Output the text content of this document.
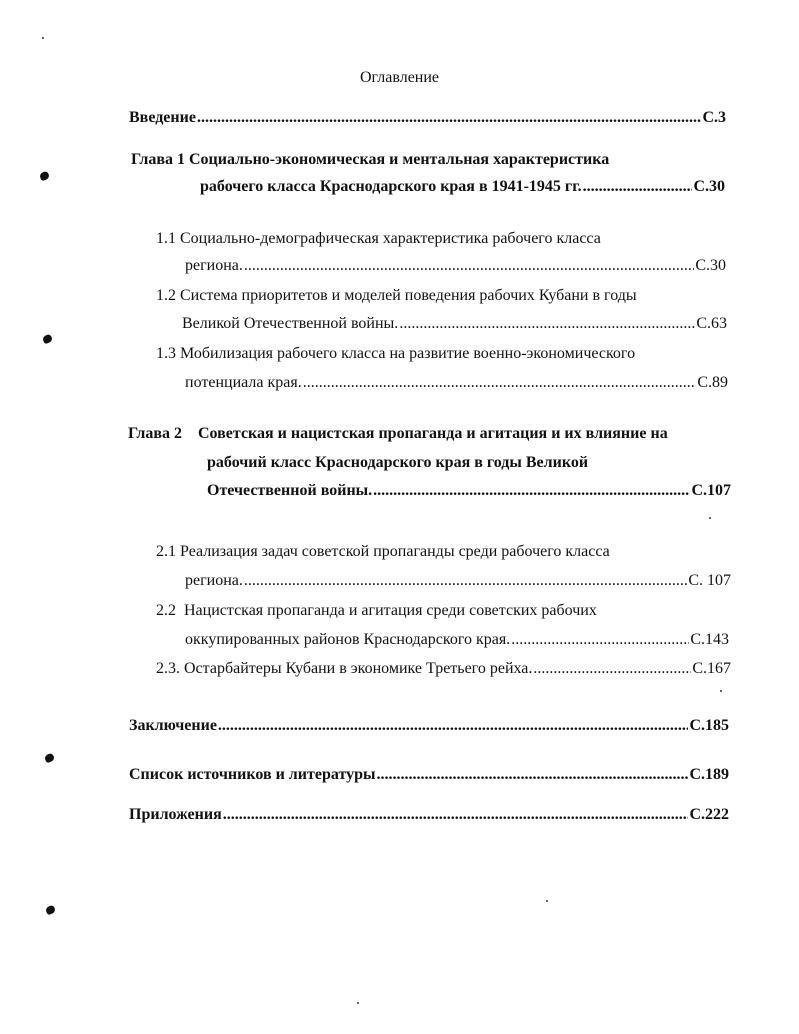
Оглавление
Введение .....	С.3
Глава 1 Социально-экономическая и ментальная характеристика
рабочего класса Краснодарского края в 1941-1945 гг. .....	С.30
1.1 Социально-демографическая характеристика рабочего класса
региона. .....	С.30
1.2 Система приоритетов и моделей поведения рабочих Кубани в годы
Великой Отечественной войны. .....	С.63
1.3 Мобилизация рабочего класса на развитие военно-экономического
потенциала края. .....	С.89
Глава 2    Советская и нацистская пропаганда и агитация и их влияние на
рабочий класс Краснодарского края в годы Великой
Отечественной войны. .....	С.107
2.1 Реализация задач советской пропаганды среди рабочего класса
региона. .....	С. 107
2.2  Нацистская пропаганда и агитация среди советских рабочих
оккупированных районов Краснодарского края. .....	С.143
2.3. Остарбайтеры Кубани в экономике Третьего рейха. .....	С.167
Заключение .....	С.185
Список источников и литературы .....	С.189
Приложения .....	С.222
